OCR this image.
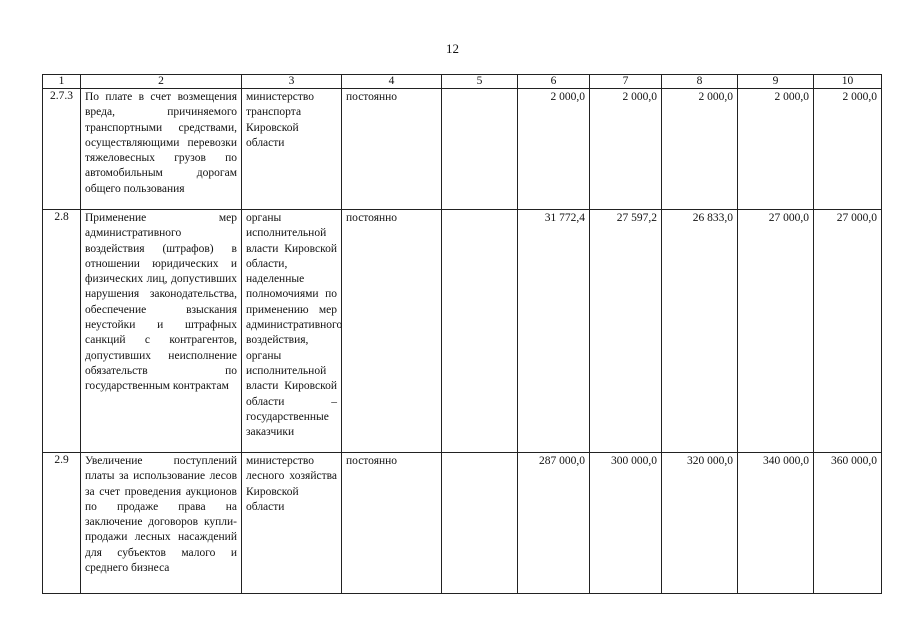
12
1	2	3	4	5	6	7	8	9	10
2.7.3	По плате в счет возмещения вреда, причиняемого транспортными средствами, осуществляющими перевозки тяжеловесных грузов по автомобильным дорогам общего пользования	министерство транспорта Кировской области	постоянно		2 000,0	2 000,0	2 000,0	2 000,0	2 000,0
2.8	Применение мер административного воздействия (штрафов) в отношении юридических и физических лиц, допустивших нарушения законодательства, обеспечение взыскания неустойки и штрафных санкций с контрагентов, допустивших неисполнение обязательств по государственным контрактам	органы исполнительной власти Кировской области, наделенные полномочиями по применению мер административного воздействия, органы исполнительной власти Кировской области – государственные заказчики	постоянно		31 772,4	27 597,2	26 833,0	27 000,0	27 000,0
2.9	Увеличение поступлений платы за использование лесов за счет проведения аукционов по продаже права на заключение договоров купли-продажи лесных насаждений для субъектов малого и среднего бизнеса	министерство лесного хозяйства Кировской области	постоянно		287 000,0	300 000,0	320 000,0	340 000,0	360 000,0
